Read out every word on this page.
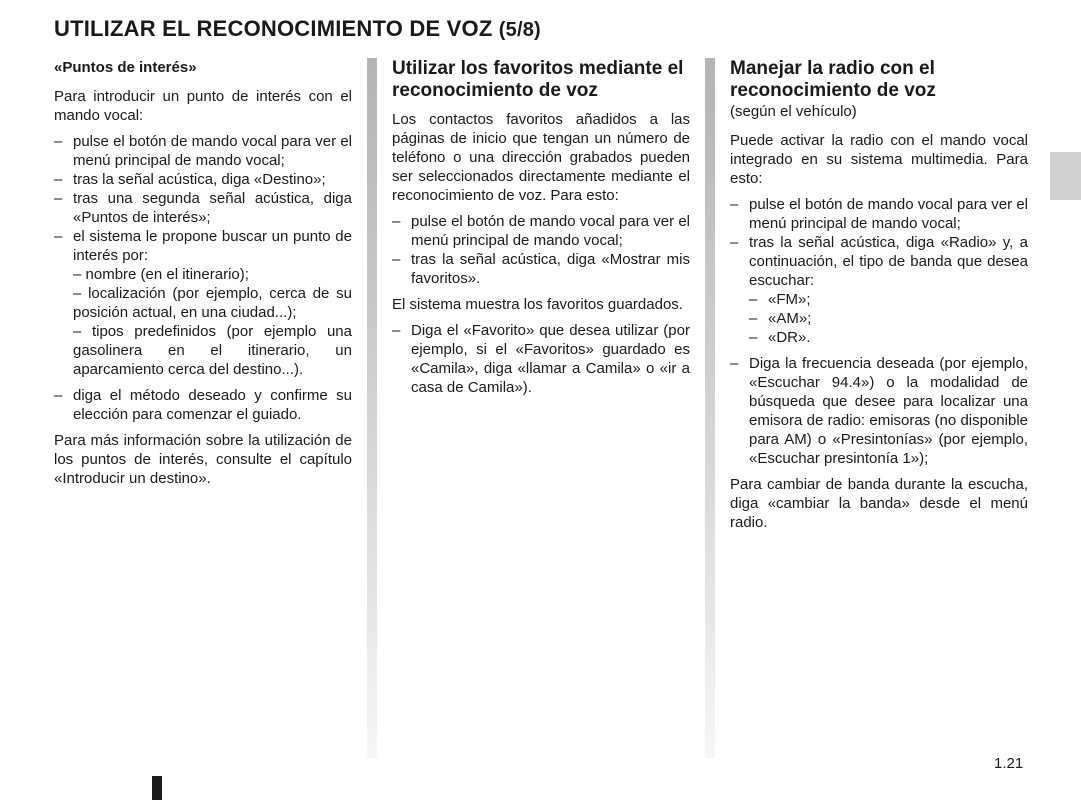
UTILIZAR EL RECONOCIMIENTO DE VOZ (5/8)
«Puntos de interés»

Para introducir un punto de interés con el mando vocal:

– pulse el botón de mando vocal para ver el menú principal de mando vocal;
– tras la señal acústica, diga «Destino»;
– tras una segunda señal acústica, diga «Puntos de interés»;
– el sistema le propone buscar un punto de interés por:
– nombre (en el itinerario);
– localización (por ejemplo, cerca de su posición actual, en una ciudad...);
– tipos predefinidos (por ejemplo una gasolinera en el itinerario, un aparcamiento cerca del destino...).
– diga el método deseado y confirme su elección para comenzar el guiado.

Para más información sobre la utilización de los puntos de interés, consulte el capítulo «Introducir un destino».

Utilizar los favoritos mediante el reconocimiento de voz

Los contactos favoritos añadidos a las páginas de inicio que tengan un número de teléfono o una dirección grabados pueden ser seleccionados directamente mediante el reconocimiento de voz. Para esto:

– pulse el botón de mando vocal para ver el menú principal de mando vocal;
– tras la señal acústica, diga «Mostrar mis favoritos».

El sistema muestra los favoritos guardados.

– Diga el «Favorito» que desea utilizar (por ejemplo, si el «Favoritos» guardado es «Camila», diga «llamar a Camila» o «ir a casa de Camila»).
Manejar la radio con el reconocimiento de voz
(según el vehículo)

Puede activar la radio con el mando vocal integrado en su sistema multimedia. Para esto:

– pulse el botón de mando vocal para ver el menú principal de mando vocal;
– tras la señal acústica, diga «Radio» y, a continuación, el tipo de banda que desea escuchar:
– «FM»;
– «AM»;
– «DR».
– Diga la frecuencia deseada (por ejemplo, «Escuchar 94.4») o la modalidad de búsqueda que desee para localizar una emisora de radio: emisoras (no disponible para AM) o «Presintonías» (por ejemplo, «Escuchar presintonía 1»);

Para cambiar de banda durante la escucha, diga «cambiar la banda» desde el menú radio.

1.21
